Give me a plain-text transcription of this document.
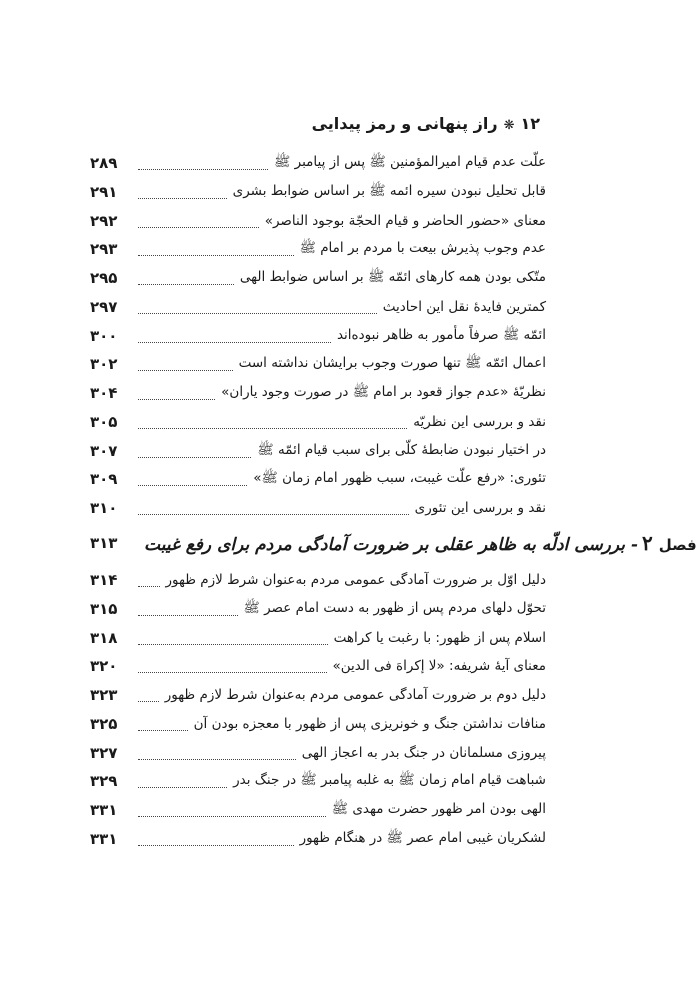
۱۲❋راز پنهانی و رمز پیدایی
۲۸۹	علّت عدم قیام امیرالمؤمنین ﷺ پس از پیامبر ﷺ
۲۹۱	قابل تحلیل نبودن سیره ائمه ﷺ بر اساس ضوابط بشری
۲۹۲	معنای «حضور الحاضر و قیام الحجّة بوجود الناصر»
۲۹۳	عدم وجوب پذیرش بیعت با مردم بر امام ﷺ
۲۹۵	متّکی بودن همه کارهای ائمّه ﷺ بر اساس ضوابط الهی
۲۹۷	کمترین فایدهٔ نقل این احادیث
۳۰۰	ائمّه ﷺ صرفاً مأمور به ظاهر نبوده‌اند
۳۰۲	اعمال ائمّه ﷺ تنها صورت وجوب برایشان نداشته است
۳۰۴	نظریّهٔ «عدم جواز قعود بر امام ﷺ در صورت وجود یاران»
۳۰۵	نقد و بررسی این نظریّه
۳۰۷	در اختیار نبودن ضابطهٔ کلّی برای سبب قیام ائمّه ﷺ
۳۰۹	تئوری: «رفع علّت غیبت، سبب ظهور امام زمان ﷺ»
۳۱۰	نقد و بررسی این تئوری
۳۱۳	فصل۲- بررسی ادلّه به ظاهر عقلی بر ضرورت آمادگی مردم برای رفع غیبت
۳۱۴	دلیل اوّل بر ضرورت آمادگی عمومی مردم به‌عنوان شرط لازم ظهور
۳۱۵	تحوّل دلهای مردم پس از ظهور به دست امام عصر ﷺ
۳۱۸	اسلام پس از ظهور: با رغبت یا کراهت
۳۲۰	معنای آیهٔ شریفه: «لا إکراهَ فی الدین»
۳۲۳	دلیل دوم بر ضرورت آمادگی عمومی مردم به‌عنوان شرط لازم ظهور
۳۲۵	منافات نداشتن جنگ و خونریزی پس از ظهور با معجزه بودن آن
۳۲۷	پیروزی مسلمانان در جنگ بدر به اعجاز الهی
۳۲۹	شباهت قیام امام زمان ﷺ به غلبه پیامبر ﷺ در جنگ بدر
۳۳۱	الهی بودن امر ظهور حضرت مهدی ﷺ
۳۳۱	لشکریان غیبی امام عصر ﷺ در هنگام ظهور
